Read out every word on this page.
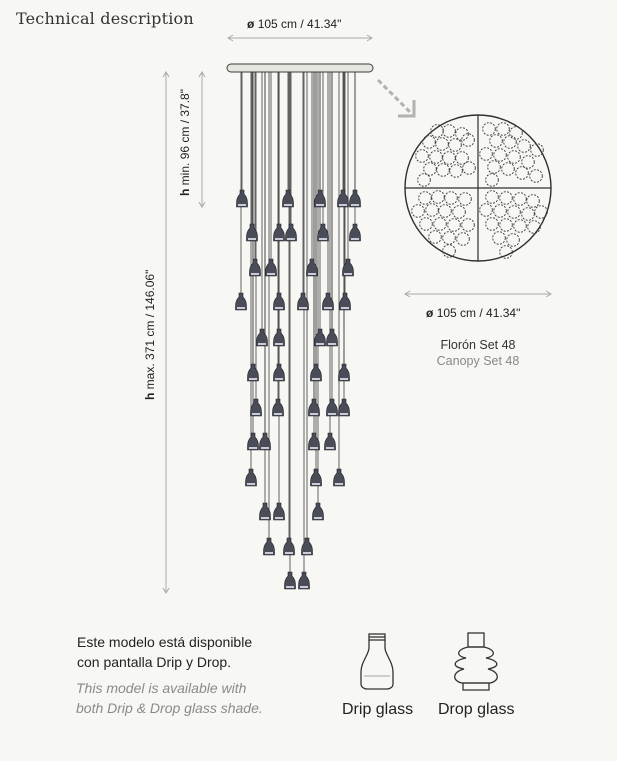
Technical description	ø 105 cm / 41.34"
h min. 96 cm / 37.8"
h max. 371 cm / 146.06"	ø 105 cm / 41.34"
Florón Set 48
Canopy Set 48
Este modelo está disponible
con pantalla Drip y Drop.
This model is available with
both Drip & Drop glass shade.	Drip glass Drop glass
